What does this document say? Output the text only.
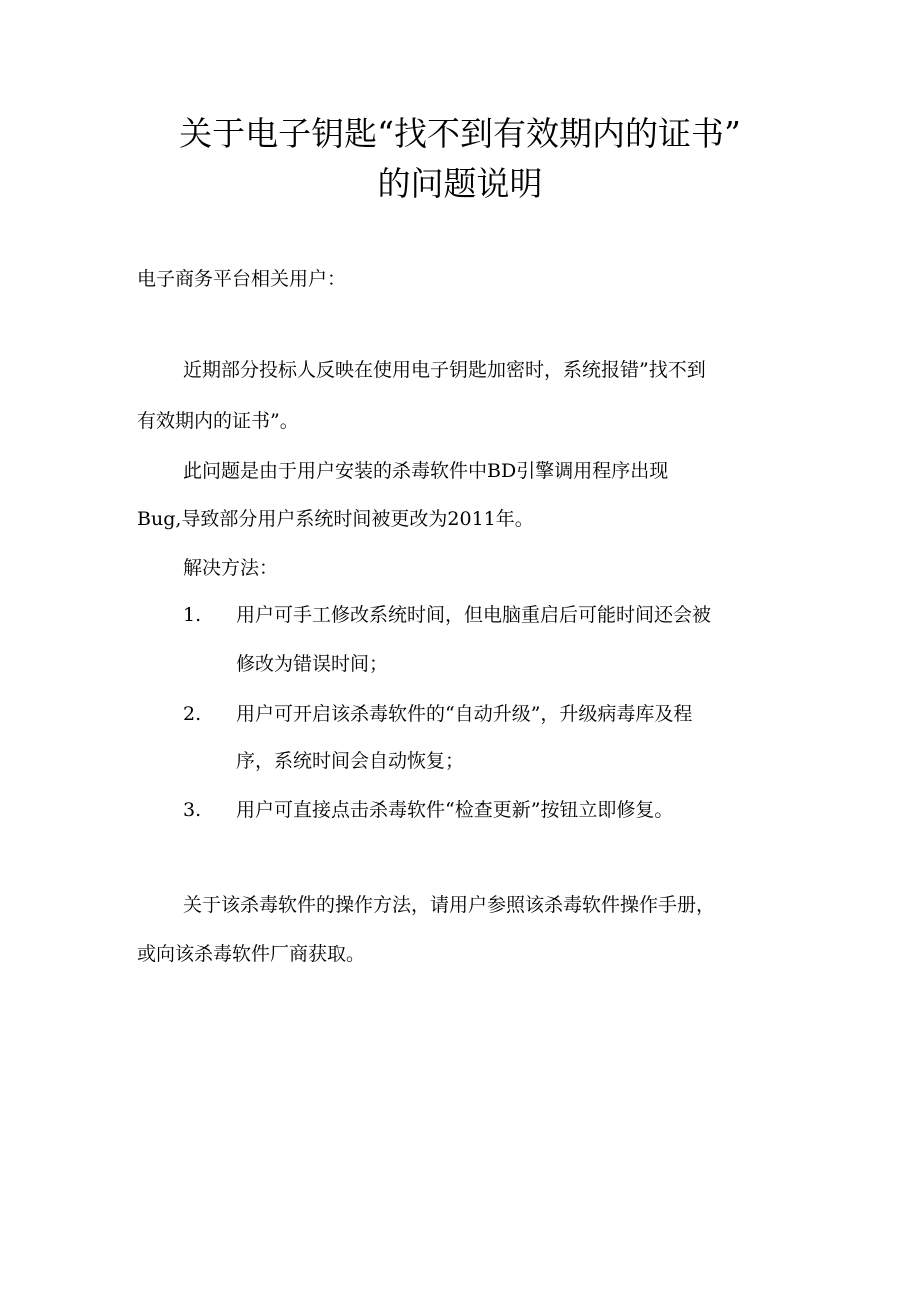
关于电子钥匙“找不到有效期内的证书”
的问题说明
电子商务平台相关用户：
近期部分投标人反映在使用电子钥匙加密时，系统报错”找不到
有效期内的证书”。
此问题是由于用户安装的杀毒软件中BD引擎调用程序出现
Bug,导致部分用户系统时间被更改为2011年。
解决方法：
1. 用户可手工修改系统时间，但电脑重启后可能时间还会被
修改为错误时间；
2. 用户可开启该杀毒软件的“自动升级”，升级病毒库及程
序，系统时间会自动恢复；
3. 用户可直接点击杀毒软件“检查更新”按钮立即修复。
关于该杀毒软件的操作方法，请用户参照该杀毒软件操作手册，
或向该杀毒软件厂商获取。
